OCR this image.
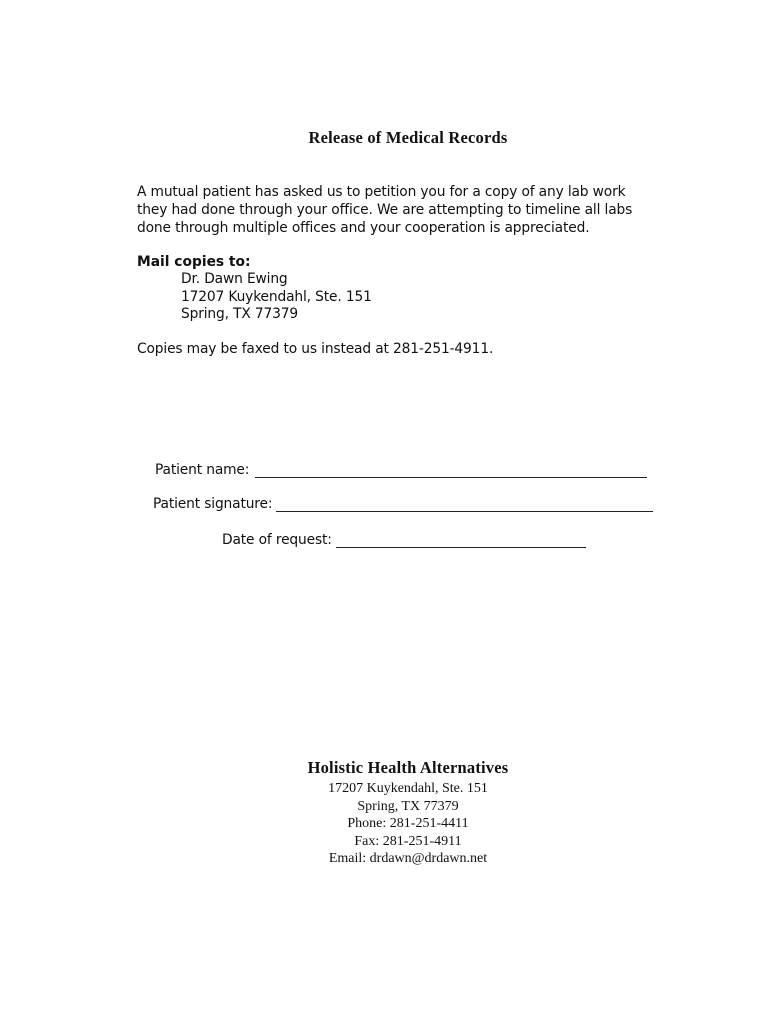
Release of Medical Records
A mutual patient has asked us to petition you for a copy of any lab work
they had done through your office. We are attempting to timeline all labs
done through multiple offices and your cooperation is appreciated.
Mail copies to:
Dr. Dawn Ewing
17207 Kuykendahl, Ste. 151
Spring, TX 77379
Copies may be faxed to us instead at 281-251-4911.
Patient name:
Patient signature:
Date of request:
Holistic Health Alternatives
17207 Kuykendahl, Ste. 151
Spring, TX 77379
Phone: 281-251-4411
Fax: 281-251-4911
Email: drdawn@drdawn.net
